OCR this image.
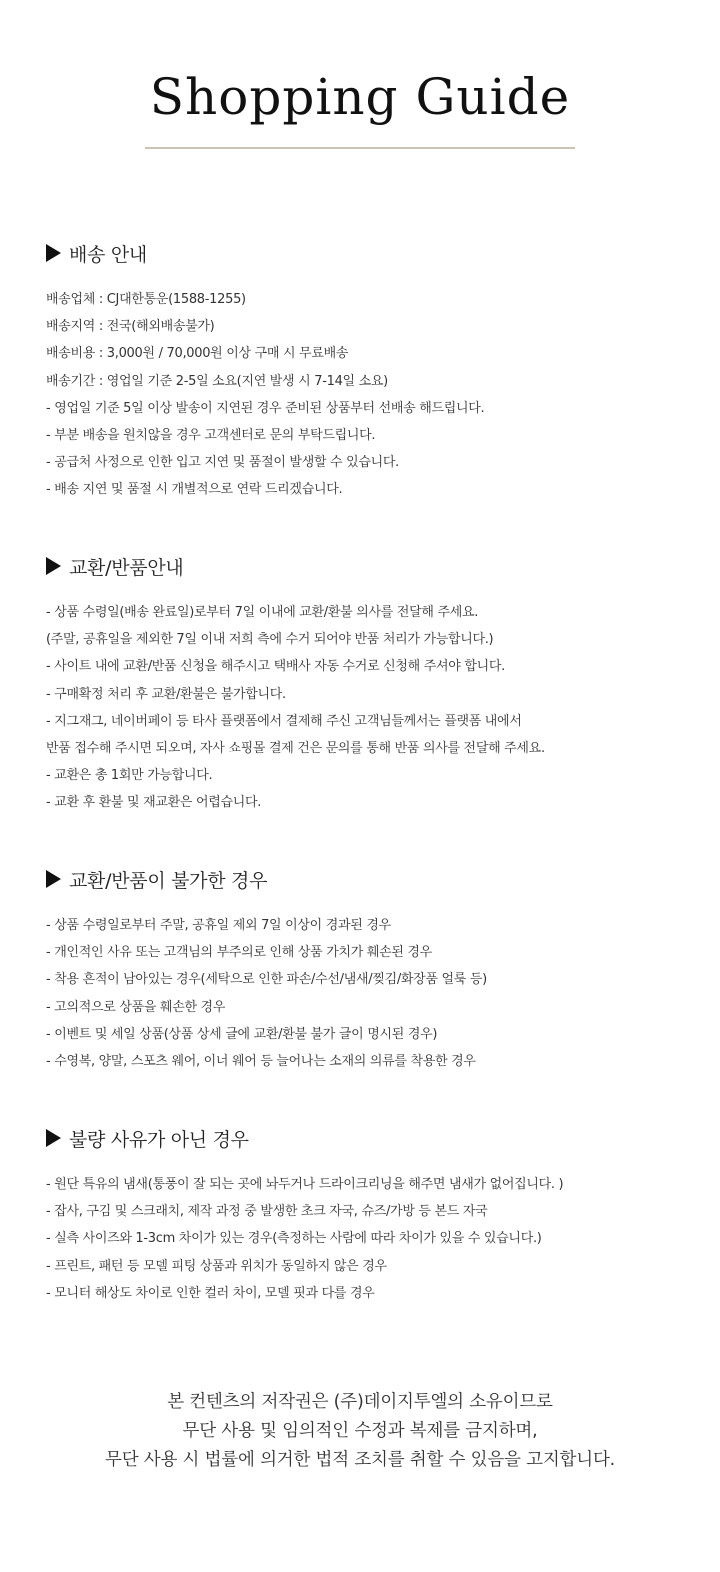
Shopping Guide
배송 안내
배송업체 : CJ대한통운(1588-1255)
배송지역 : 전국(해외배송불가)
배송비용 : 3,000원 / 70,000원 이상 구매 시 무료배송
배송기간 : 영업일 기준 2-5일 소요(지연 발생 시 7-14일 소요)
- 영업일 기준 5일 이상 발송이 지연된 경우 준비된 상품부터 선배송 해드립니다.
- 부분 배송을 원치않을 경우 고객센터로 문의 부탁드립니다.
- 공급처 사정으로 인한 입고 지연 및 품절이 발생할 수 있습니다.
- 배송 지연 및 품절 시 개별적으로 연락 드리겠습니다.
교환/반품안내
- 상품 수령일(배송 완료일)로부터 7일 이내에 교환/환불 의사를 전달해 주세요.
(주말, 공휴일을 제외한 7일 이내 저희 측에 수거 되어야 반품 처리가 가능합니다.)
- 사이트 내에 교환/반품 신청을 해주시고 택배사 자동 수거로 신청해 주셔야 합니다.
- 구매확정 처리 후 교환/환불은 불가합니다.
- 지그재그, 네이버페이 등 타사 플랫폼에서 결제해 주신 고객님들께서는 플랫폼 내에서
반품 접수해 주시면 되오며, 자사 쇼핑몰 결제 건은 문의를 통해 반품 의사를 전달해 주세요.
- 교환은 총 1회만 가능합니다.
- 교환 후 환불 및 재교환은 어렵습니다.
교환/반품이 불가한 경우
- 상품 수령일로부터 주말, 공휴일 제외 7일 이상이 경과된 경우
- 개인적인 사유 또는 고객님의 부주의로 인해 상품 가치가 훼손된 경우
- 착용 흔적이 남아있는 경우(세탁으로 인한 파손/수선/냄새/찢김/화장품 얼룩 등)
- 고의적으로 상품을 훼손한 경우
- 이벤트 및 세일 상품(상품 상세 글에 교환/환불 불가 글이 명시된 경우)
- 수영복, 양말, 스포츠 웨어, 이너 웨어 등 늘어나는 소재의 의류를 착용한 경우
불량 사유가 아닌 경우
- 원단 특유의 냄새(통풍이 잘 되는 곳에 놔두거나 드라이크리닝을 해주면 냄새가 없어집니다. )
- 잡사, 구김 및 스크래치, 제작 과정 중 발생한 초크 자국, 슈즈/가방 등 본드 자국
- 실측 사이즈와 1-3cm 차이가 있는 경우(측정하는 사람에 따라 차이가 있을 수 있습니다.)
- 프린트, 패턴 등 모델 피팅 상품과 위치가 동일하지 않은 경우
- 모니터 해상도 차이로 인한 컬러 차이, 모델 핏과 다를 경우

본 컨텐츠의 저작권은 (주)데이지투엘의 소유이므로

무단 사용 및 임의적인 수정과 복제를 금지하며,

무단 사용 시 법률에 의거한 법적 조치를 취할 수 있음을 고지합니다.
